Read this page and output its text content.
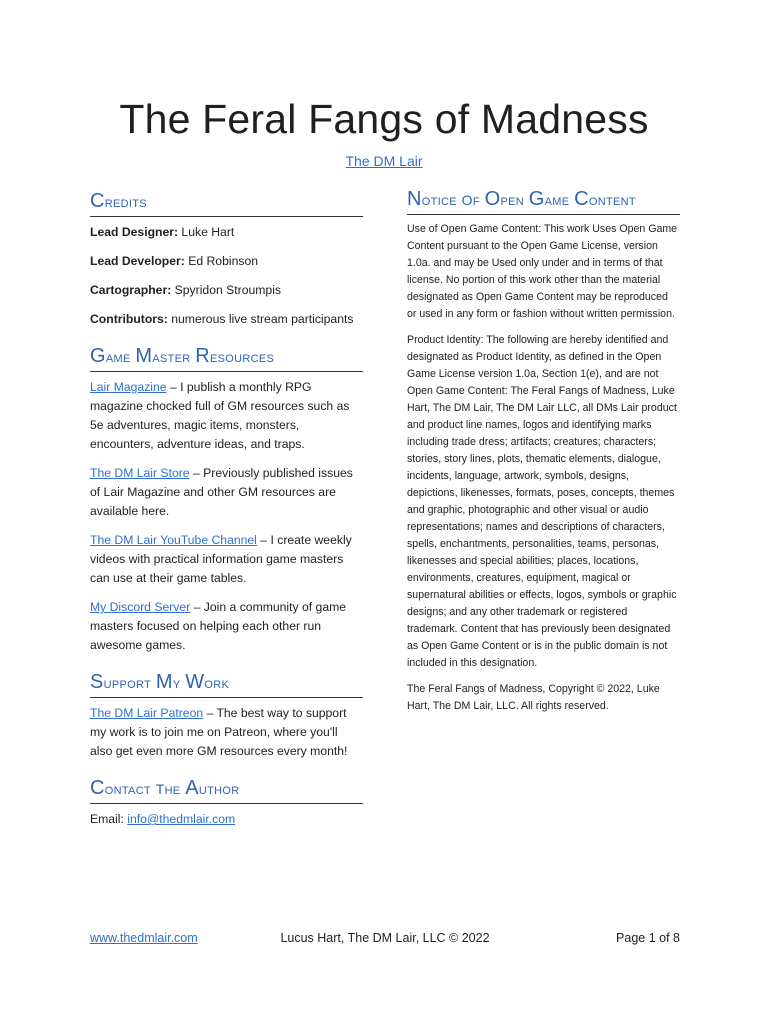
The Feral Fangs of Madness
The DM Lair
Credits

Lead Designer: Luke Hart

Lead Developer: Ed Robinson

Cartographer: Spyridon Stroumpis

Contributors: numerous live stream participants

Game Master Resources

Lair Magazine – I publish a monthly RPG magazine chocked full of GM resources such as 5e adventures, magic items, monsters, encounters, adventure ideas, and traps.

The DM Lair Store – Previously published issues of Lair Magazine and other GM resources are available here.

The DM Lair YouTube Channel – I create weekly videos with practical information game masters can use at their game tables.

My Discord Server – Join a community of game masters focused on helping each other run awesome games.

Support My Work

The DM Lair Patreon – The best way to support my work is to join me on Patreon, where you'll also get even more GM resources every month!

Contact the Author

Email: info@thedmlair.com

Notice of Open Game Content

Use of Open Game Content: This work Uses Open Game Content pursuant to the Open Game License, version 1.0a. and may be Used only under and in terms of that license. No portion of this work other than the material designated as Open Game Content may be reproduced or used in any form or fashion without written permission.

Product Identity: The following are hereby identified and designated as Product Identity, as defined in the Open Game License version 1.0a, Section 1(e), and are not Open Game Content: The Feral Fangs of Madness, Luke Hart, The DM Lair, The DM Lair LLC, all DMs Lair product and product line names, logos and identifying marks including trade dress; artifacts; creatures; characters; stories, story lines, plots, thematic elements, dialogue, incidents, language, artwork, symbols, designs, depictions, likenesses, formats, poses, concepts, themes and graphic, photographic and other visual or audio representations; names and descriptions of characters, spells, enchantments, personalities, teams, personas, likenesses and special abilities; places, locations, environments, creatures, equipment, magical or supernatural abilities or effects, logos, symbols or graphic designs; and any other trademark or registered trademark. Content that has previously been designated as Open Game Content or is in the public domain is not included in this designation.

The Feral Fangs of Madness, Copyright © 2022, Luke Hart, The DM Lair, LLC. All rights reserved.

Lucus Hart, The DM Lair, LLC © 2022
www.thedmlair.com	Page 1 of 8
